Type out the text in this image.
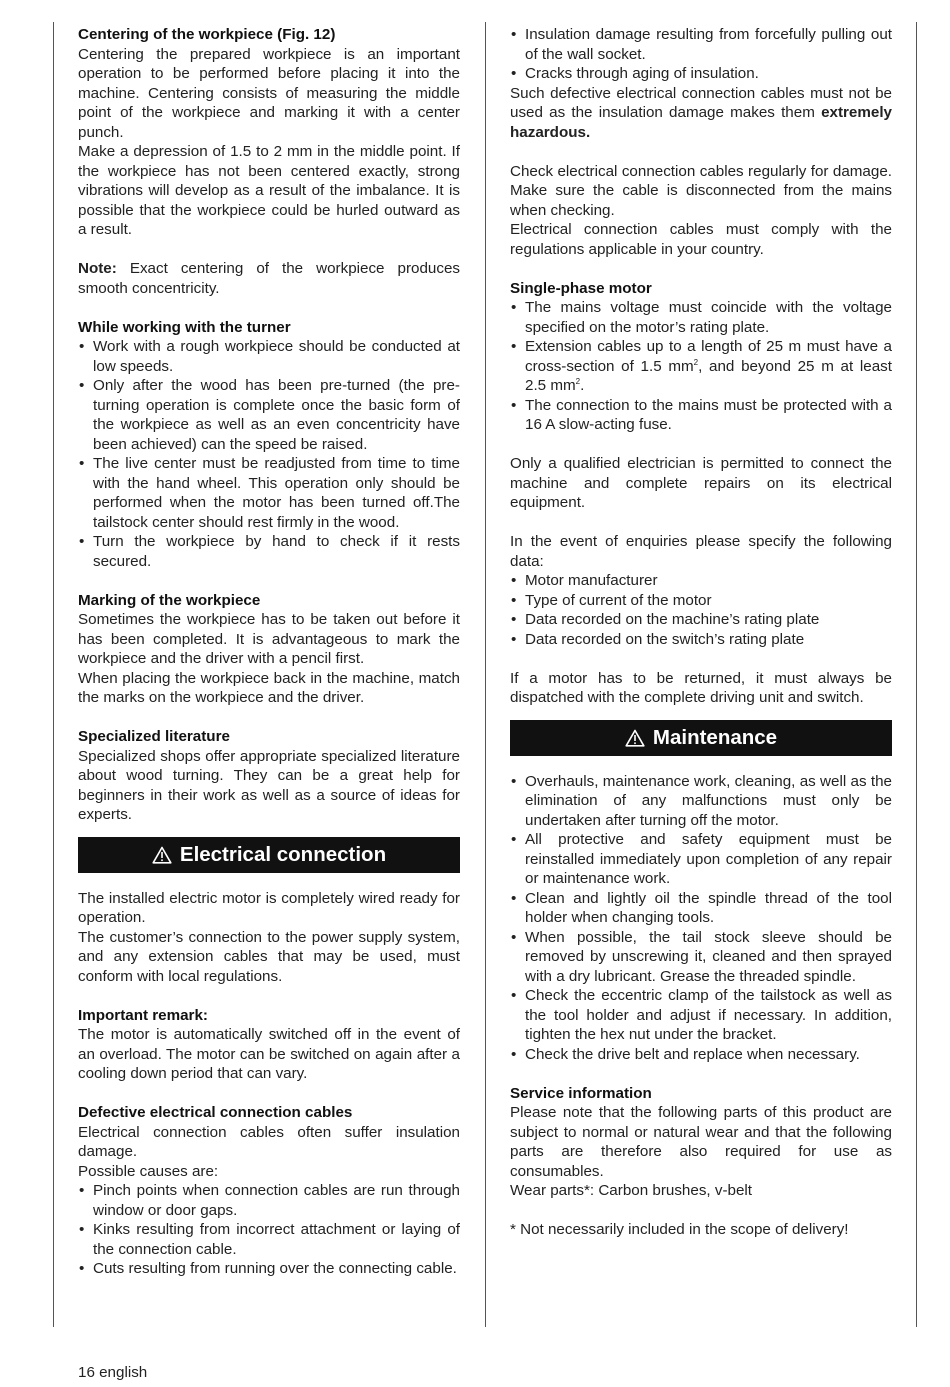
Centering of the workpiece (Fig. 12)

Centering the prepared workpiece is an important operation to be performed before placing it into the machine. Centering consists of measuring the middle point of the workpiece and marking it with a center punch.

Make a depression of 1.5 to 2 mm in the middle point. If the workpiece has not been centered exactly, strong vibrations will develop as a result of the imbalance. It is possible that the workpiece could be hurled outward as a result.

Note: Exact centering of the workpiece produces smooth concentricity.

While working with the turner
• Work with a rough workpiece should be conducted at low speeds.
• Only after the wood has been pre-turned (the pre-turning operation is complete once the basic form of the workpiece as well as an even concentricity have been achieved) can the speed be raised.
• The live center must be readjusted from time to time with the hand wheel. This operation only should be performed when the motor has been turned off.The tailstock center should rest firmly in the wood.
• Turn the workpiece by hand to check if it rests secured.
Marking of the workpiece

Sometimes the workpiece has to be taken out before it has been completed. It is advantageous to mark the workpiece and the driver with a pencil first.

When placing the workpiece back in the machine, match the marks on the workpiece and the driver.

Specialized literature

Specialized shops offer appropriate specialized literature about wood turning. They can be a great help for beginners in their work as well as a source of ideas for experts.

Electrical connection

The installed electric motor is completely wired ready for operation.

The customer’s connection to the power supply system, and any extension cables that may be used, must conform with local regulations.

Important remark:

The motor is automatically switched off in the event of an overload. The motor can be switched on again after a cooling down period that can vary.

Defective electrical connection cables

Electrical connection cables often suffer insulation damage.

Possible causes are:

• Pinch points when connection cables are run through window or door gaps.
• Kinks resulting from incorrect attachment or laying of the connection cable.
• Cuts resulting from running over the connecting cable.
• Insulation damage resulting from forcefully pulling out of the wall socket.
• Cracks through aging of insulation.

Such defective electrical connection cables must not be used as the insulation damage makes them extremely hazardous.

Check electrical connection cables regularly for damage. Make sure the cable is disconnected from the mains when checking.

Electrical connection cables must comply with the regulations applicable in your country.

Single-phase motor
• The mains voltage must coincide with the voltage specified on the motor’s rating plate.
• Extension cables up to a length of 25 m must have a cross-section of 1.5 $mm^2$, and beyond 25 m at least 2.5 $mm^2$.
• The connection to the mains must be protected with a 16 A slow-acting fuse.

Only a qualified electrician is permitted to connect the machine and complete repairs on its electrical equipment.

In the event of enquiries please specify the following data:

• Motor manufacturer
• Type of current of the motor
• Data recorded on the machine’s rating plate
• Data recorded on the switch’s rating plate

If a motor has to be returned, it must always be dispatched with the complete driving unit and switch.

Maintenance
• Overhauls, maintenance work, cleaning, as well as the elimination of any malfunctions must only be undertaken after turning off the motor.
• All protective and safety equipment must be reinstalled immediately upon completion of any repair or maintenance work.
• Clean and lightly oil the spindle thread of the tool holder when changing tools.
• When possible, the tail stock sleeve should be removed by unscrewing it, cleaned and then sprayed with a dry lubricant. Grease the threaded spindle.
• Check the eccentric clamp of the tailstock as well as the tool holder and adjust if necessary. In addition, tighten the hex nut under the bracket.
• Check the drive belt and replace when necessary.
Service information

Please note that the following parts of this product are subject to normal or natural wear and that the following parts are therefore also required for use as consumables.

Wear parts*: Carbon brushes, v-belt

* Not necessarily included in the scope of delivery!

16 english
